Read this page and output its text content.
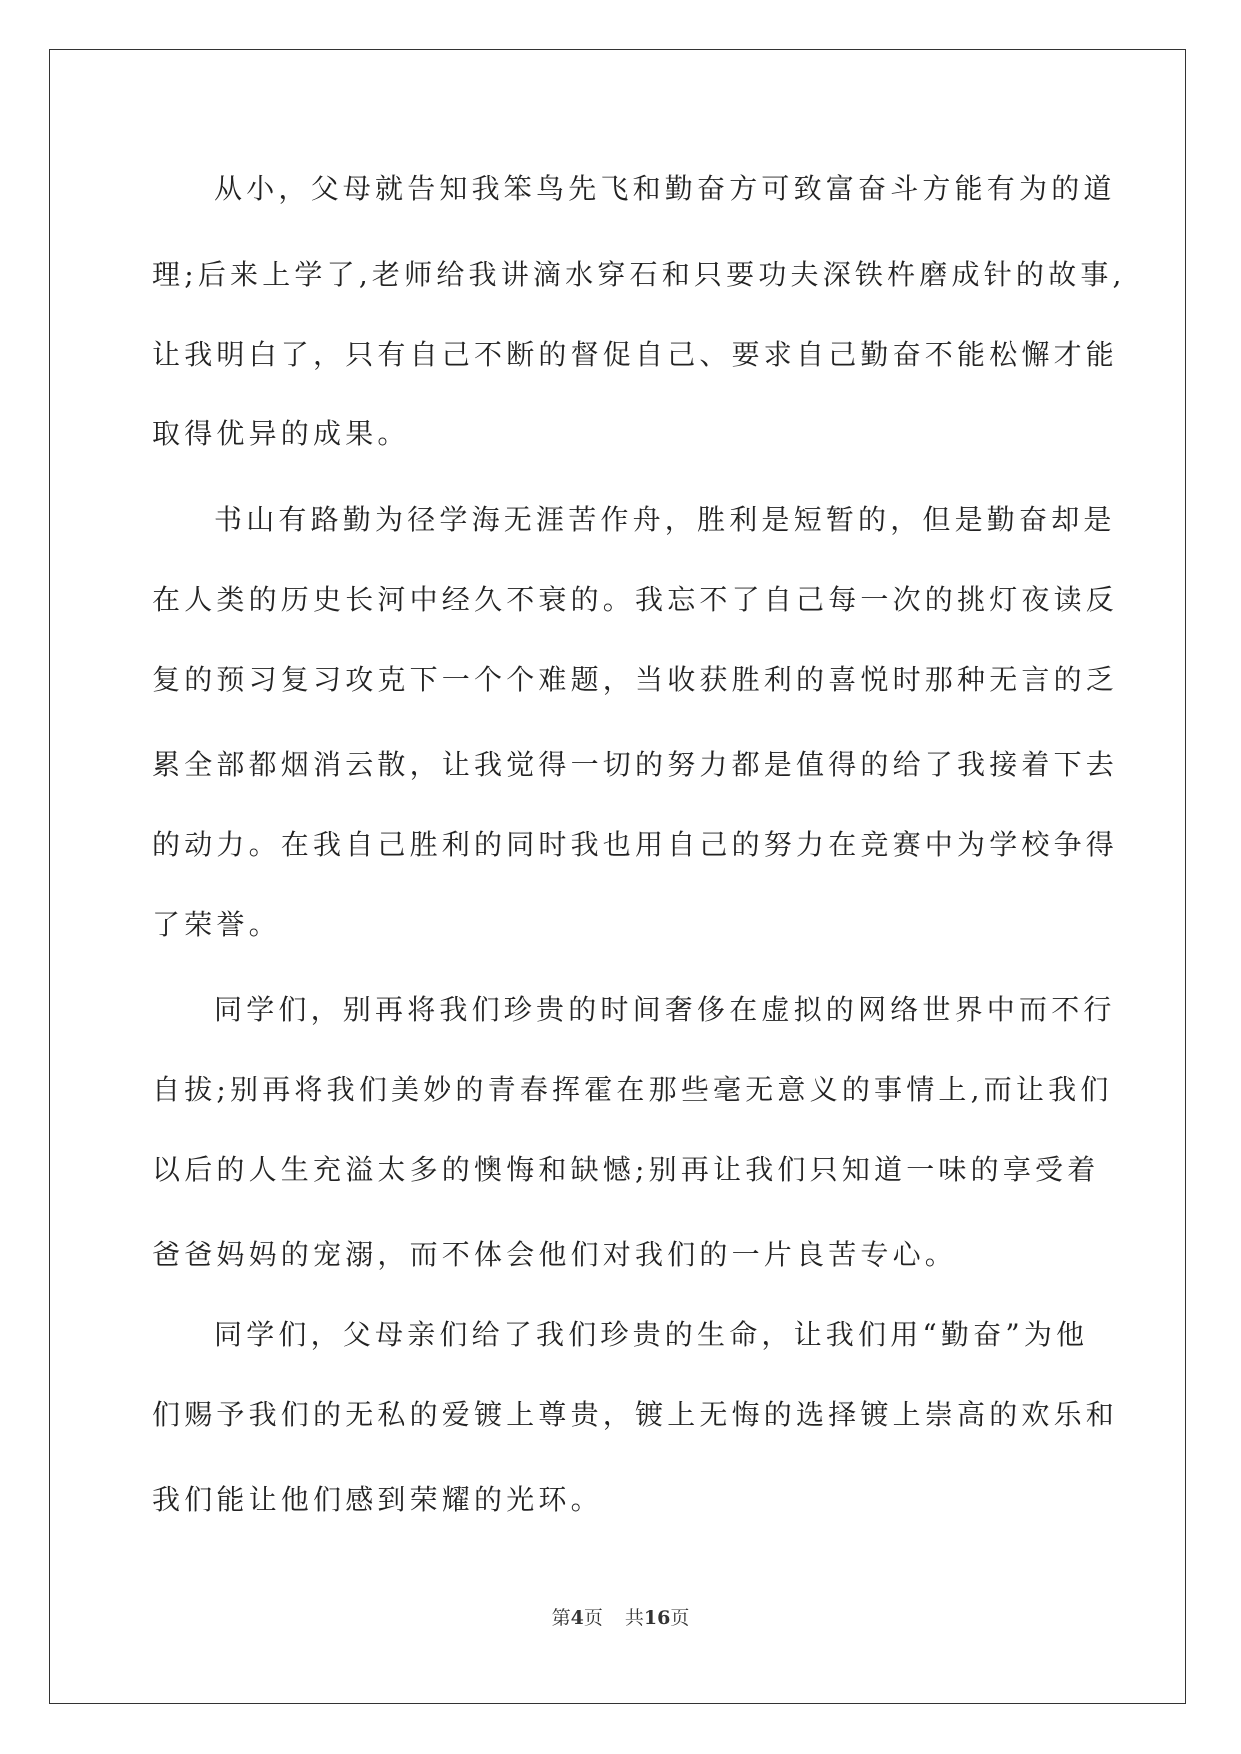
从小，父母就告知我笨鸟先飞和勤奋方可致富奋斗方能有为的道
理;后来上学了,老师给我讲滴水穿石和只要功夫深铁杵磨成针的故事,
让我明白了，只有自己不断的督促自己、要求自己勤奋不能松懈才能
取得优异的成果。
书山有路勤为径学海无涯苦作舟，胜利是短暂的，但是勤奋却是
在人类的历史长河中经久不衰的。我忘不了自己每一次的挑灯夜读反
复的预习复习攻克下一个个难题，当收获胜利的喜悦时那种无言的乏
累全部都烟消云散，让我觉得一切的努力都是值得的给了我接着下去
的动力。在我自己胜利的同时我也用自己的努力在竞赛中为学校争得
了荣誉。
同学们，别再将我们珍贵的时间奢侈在虚拟的网络世界中而不行
自拔;别再将我们美妙的青春挥霍在那些毫无意义的事情上,而让我们
以后的人生充溢太多的懊悔和缺憾;别再让我们只知道一味的享受着
爸爸妈妈的宠溺，而不体会他们对我们的一片良苦专心。
同学们，父母亲们给了我们珍贵的生命，让我们用“勤奋”为他
们赐予我们的无私的爱镀上尊贵，镀上无悔的选择镀上崇高的欢乐和
我们能让他们感到荣耀的光环。
第4页 共16页
